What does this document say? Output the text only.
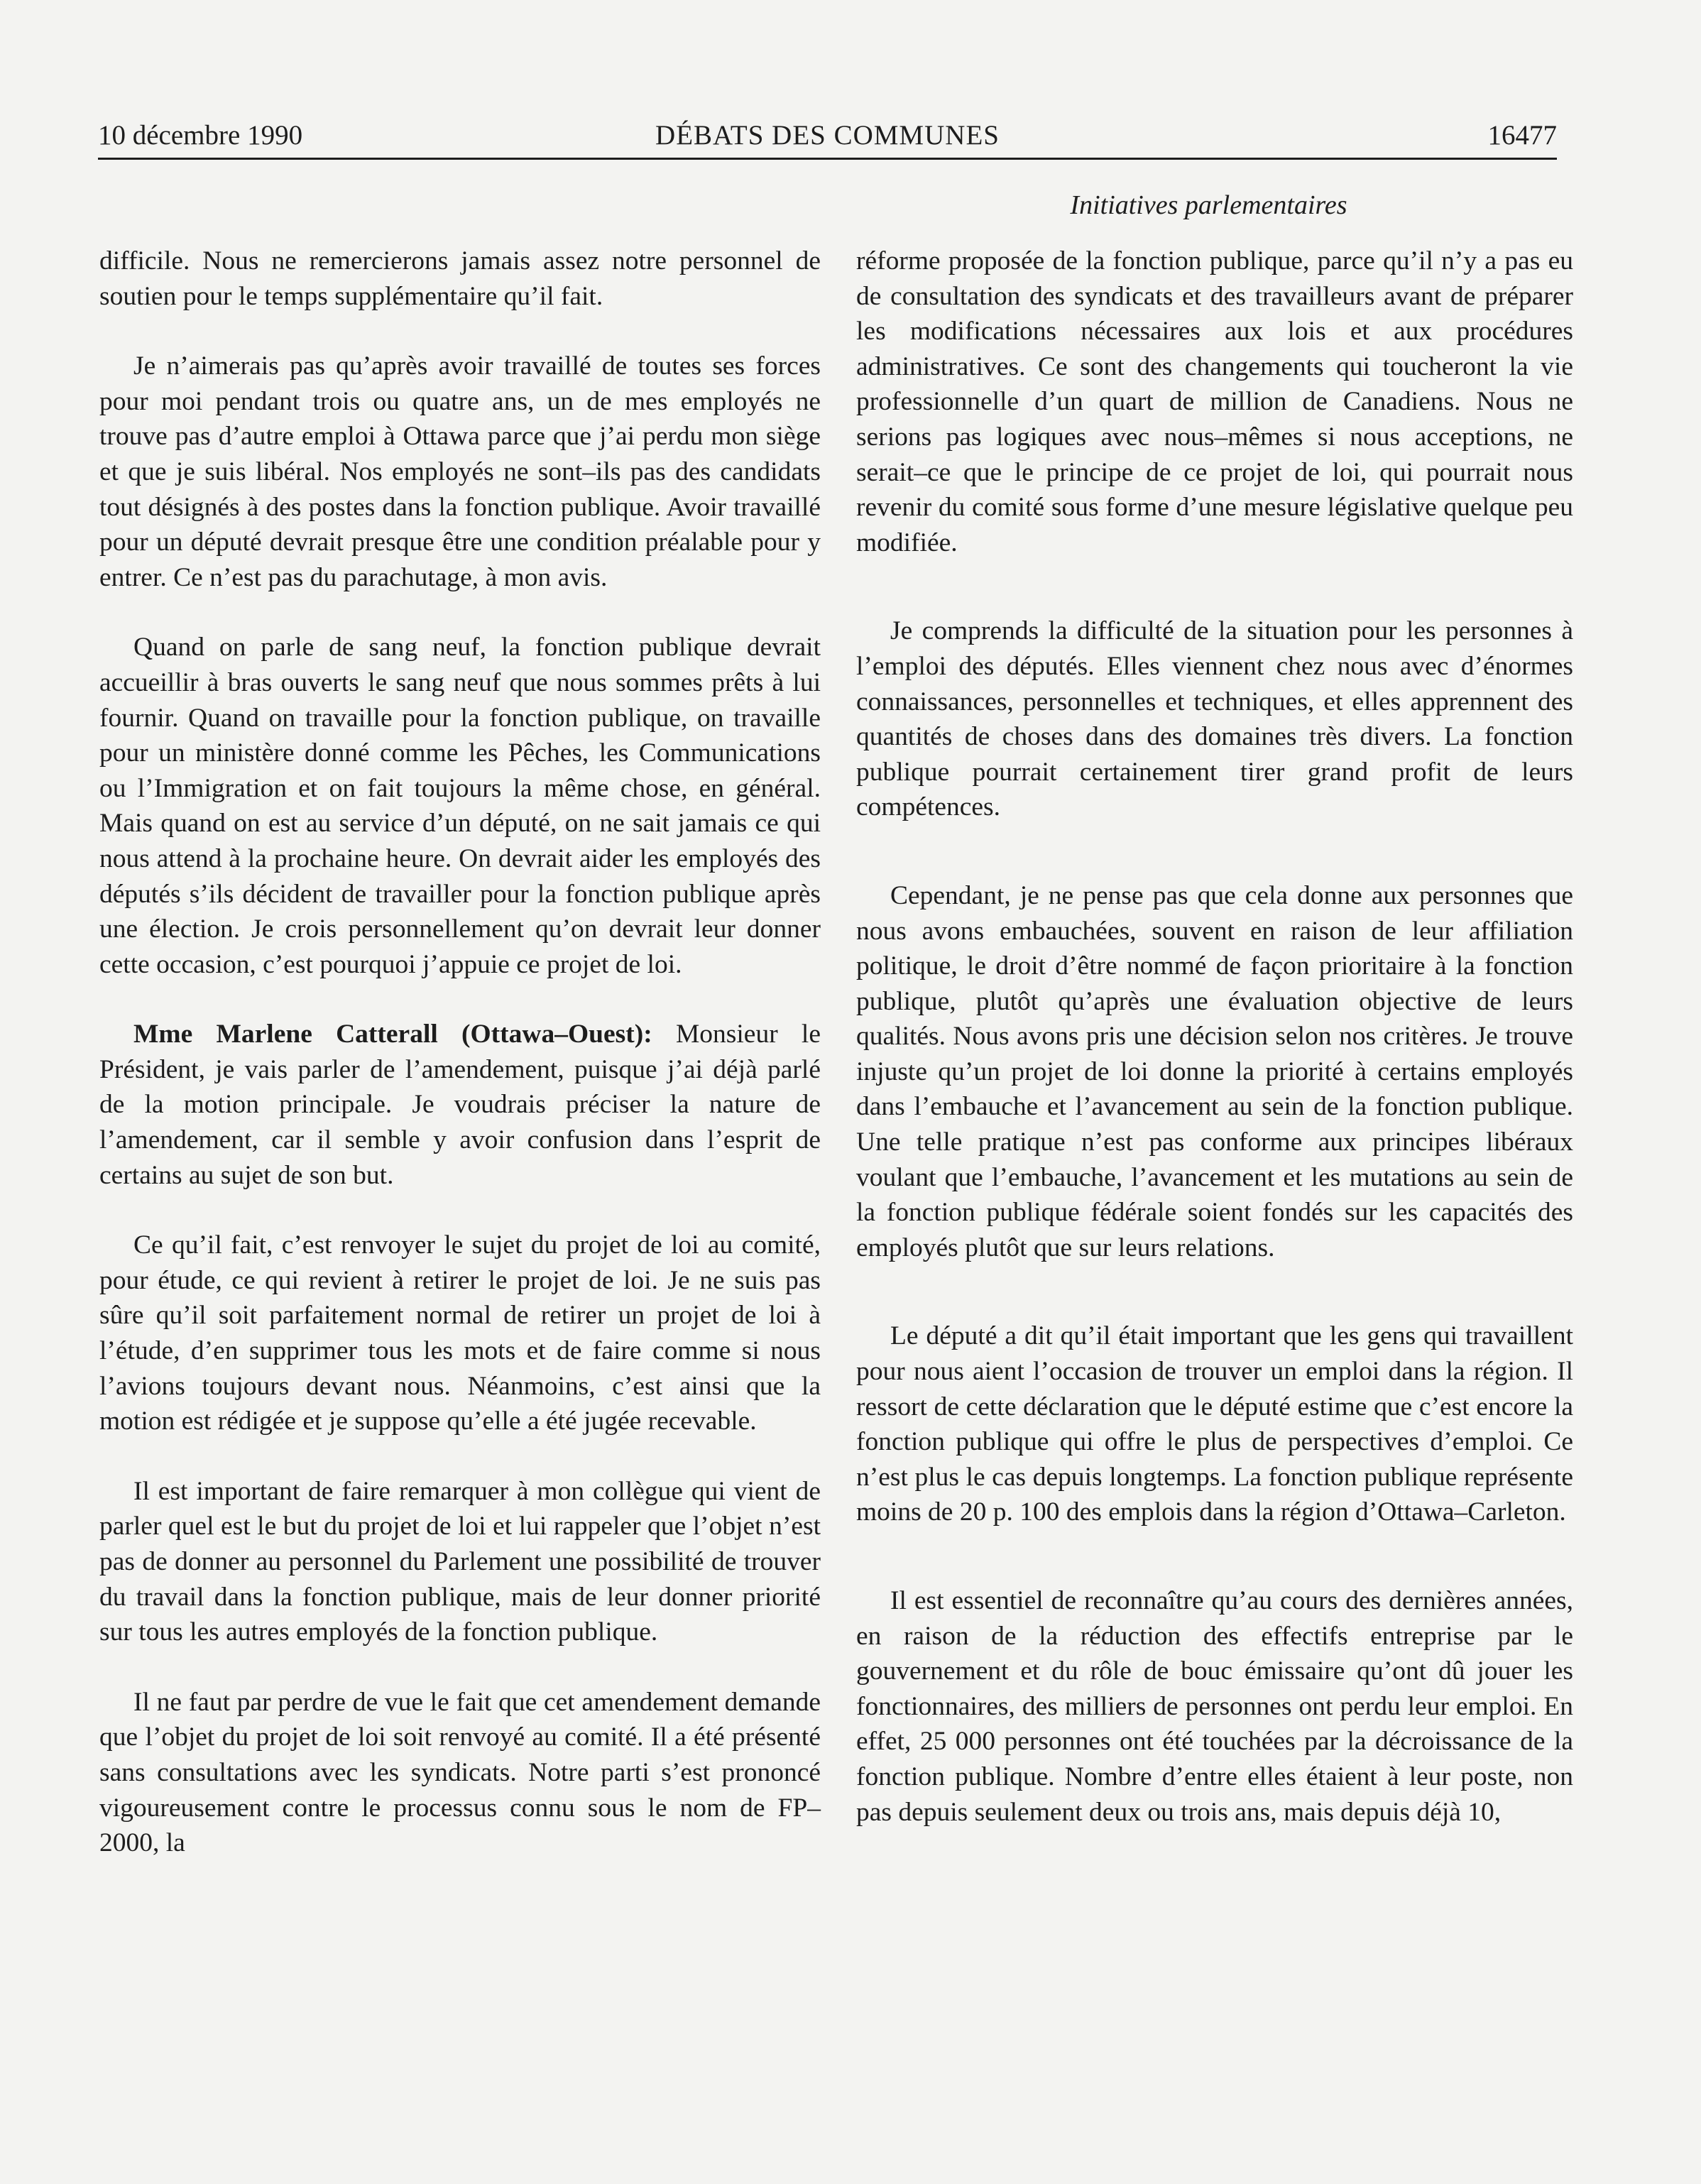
10 décembre 1990	DÉBATS DES COMMUNES	16477
Initiatives parlementaires

difficile. Nous ne remercierons jamais assez notre personnel de soutien pour le temps supplémentaire qu’il fait.

Je n’aimerais pas qu’après avoir travaillé de toutes ses forces pour moi pendant trois ou quatre ans, un de mes employés ne trouve pas d’autre emploi à Ottawa parce que j’ai perdu mon siège et que je suis libéral. Nos employés ne sont–ils pas des candidats tout désignés à des postes dans la fonction publique. Avoir travaillé pour un député devrait presque être une condition préalable pour y entrer. Ce n’est pas du parachutage, à mon avis.

Quand on parle de sang neuf, la fonction publique devrait accueillir à bras ouverts le sang neuf que nous sommes prêts à lui fournir. Quand on travaille pour la fonction publique, on travaille pour un ministère donné comme les Pêches, les Communications ou l’Immigration et on fait toujours la même chose, en général. Mais quand on est au service d’un député, on ne sait jamais ce qui nous attend à la prochaine heure. On devrait aider les employés des députés s’ils décident de travailler pour la fonction publique après une élection. Je crois personnellement qu’on devrait leur donner cette occasion, c’est pourquoi j’appuie ce projet de loi.

Mme Marlene Catterall (Ottawa–Ouest): Monsieur le Président, je vais parler de l’amendement, puisque j’ai déjà parlé de la motion principale. Je voudrais préciser la nature de l’amendement, car il semble y avoir confusion dans l’esprit de certains au sujet de son but.

Ce qu’il fait, c’est renvoyer le sujet du projet de loi au comité, pour étude, ce qui revient à retirer le projet de loi. Je ne suis pas sûre qu’il soit parfaitement normal de retirer un projet de loi à l’étude, d’en supprimer tous les mots et de faire comme si nous l’avions toujours devant nous. Néanmoins, c’est ainsi que la motion est rédigée et je suppose qu’elle a été jugée recevable.

Il est important de faire remarquer à mon collègue qui vient de parler quel est le but du projet de loi et lui rappeler que l’objet n’est pas de donner au personnel du Parlement une possibilité de trouver du travail dans la fonction publique, mais de leur donner priorité sur tous les autres employés de la fonction publique.

Il ne faut par perdre de vue le fait que cet amendement demande que l’objet du projet de loi soit renvoyé au comité. Il a été présenté sans consultations avec les syndicats. Notre parti s’est prononcé vigoureusement contre le processus connu sous le nom de FP–2000, la

réforme proposée de la fonction publique, parce qu’il n’y a pas eu de consultation des syndicats et des travailleurs avant de préparer les modifications nécessaires aux lois et aux procédures administratives. Ce sont des changements qui toucheront la vie professionnelle d’un quart de million de Canadiens. Nous ne serions pas logiques avec nous–mêmes si nous acceptions, ne serait–ce que le principe de ce projet de loi, qui pourrait nous revenir du comité sous forme d’une mesure législative quelque peu modifiée.

Je comprends la difficulté de la situation pour les personnes à l’emploi des députés. Elles viennent chez nous avec d’énormes connaissances, personnelles et techniques, et elles apprennent des quantités de choses dans des domaines très divers. La fonction publique pourrait certainement tirer grand profit de leurs compétences.

Cependant, je ne pense pas que cela donne aux personnes que nous avons embauchées, souvent en raison de leur affiliation politique, le droit d’être nommé de façon prioritaire à la fonction publique, plutôt qu’après une évaluation objective de leurs qualités. Nous avons pris une décision selon nos critères. Je trouve injuste qu’un projet de loi donne la priorité à certains employés dans l’embauche et l’avancement au sein de la fonction publique. Une telle pratique n’est pas conforme aux principes libéraux voulant que l’embauche, l’avancement et les mutations au sein de la fonction publique fédérale soient fondés sur les capacités des employés plutôt que sur leurs relations.

Le député a dit qu’il était important que les gens qui travaillent pour nous aient l’occasion de trouver un emploi dans la région. Il ressort de cette déclaration que le député estime que c’est encore la fonction publique qui offre le plus de perspectives d’emploi. Ce n’est plus le cas depuis longtemps. La fonction publique représente moins de 20 p. 100 des emplois dans la région d’Ottawa–Carleton.

Il est essentiel de reconnaître qu’au cours des dernières années, en raison de la réduction des effectifs entreprise par le gouvernement et du rôle de bouc émissaire qu’ont dû jouer les fonctionnaires, des milliers de personnes ont perdu leur emploi. En effet, 25 000 personnes ont été touchées par la décroissance de la fonction publique. Nombre d’entre elles étaient à leur poste, non pas depuis seulement deux ou trois ans, mais depuis déjà 10,
